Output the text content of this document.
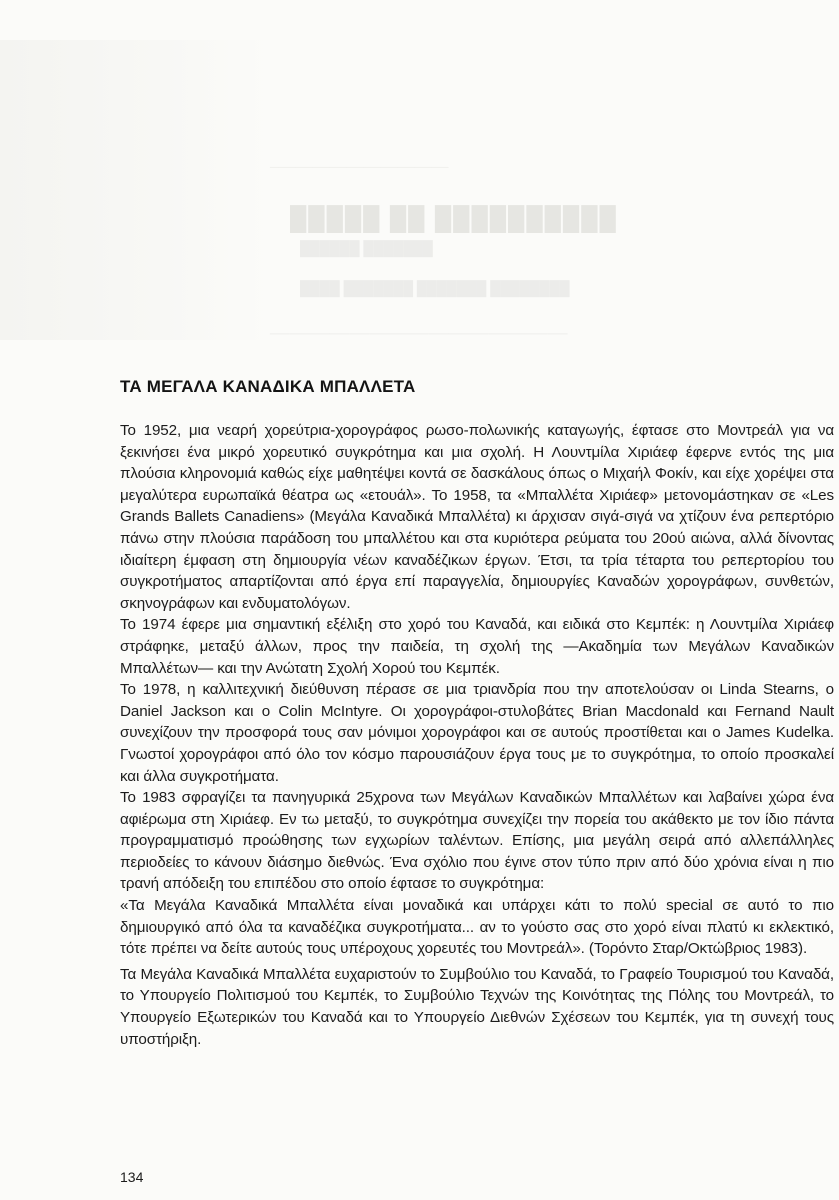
─────────────────────
█████ ██ ██████████
██████ ███████
████ ███████ ███████ ████████
──────────────────────────────
ΤΑ ΜΕΓΑΛΑ ΚΑΝΑΔΙΚΑ ΜΠΑΛΛΕΤΑ

Το 1952, μια νεαρή χορεύτρια-χορογράφος ρωσο-πολωνικής καταγωγής, έφτασε στο Μοντρεάλ για να ξεκινήσει ένα μικρό χορευτικό συγκρότημα και μια σχολή. Η Λουντμίλα Χιριάεφ έφερνε εντός της μια πλούσια κληρονομιά καθώς είχε μαθητέψει κοντά σε δασκάλους όπως ο Μιχαήλ Φοκίν, και είχε χορέψει στα μεγαλύτερα ευρωπαϊκά θέατρα ως «ετουάλ». Το 1958, τα «Μπαλλέτα Χιριάεφ» μετονομάστηκαν σε «Les Grands Ballets Canadiens» (Μεγάλα Καναδικά Μπαλλέτα) κι άρχισαν σιγά-σιγά να χτίζουν ένα ρεπερτόριο πάνω στην πλούσια παράδοση του μπαλλέτου και στα κυριότερα ρεύματα του 20ού αιώνα, αλλά δίνοντας ιδιαίτερη έμφαση στη δημιουργία νέων καναδέζικων έργων. Έτσι, τα τρία τέταρτα του ρεπερτορίου του συγκροτήματος απαρτίζονται από έργα επί παραγγελία, δημιουργίες Καναδών χορογράφων, συνθετών, σκηνογράφων και ενδυματολόγων.

Το 1974 έφερε μια σημαντική εξέλιξη στο χορό του Καναδά, και ειδικά στο Κεμπέκ: η Λουντμίλα Χιριάεφ στράφηκε, μεταξύ άλλων, προς την παιδεία, τη σχολή της —Ακαδημία των Μεγάλων Καναδικών Μπαλλέτων— και την Ανώτατη Σχολή Χορού του Κεμπέκ.

Το 1978, η καλλιτεχνική διεύθυνση πέρασε σε μια τριανδρία που την αποτελούσαν οι Linda Stearns, o Daniel Jackson και ο Colin McIntyre. Οι χορογράφοι-στυλοβάτες Brian Macdonald και Fernand Nault συνεχίζουν την προσφορά τους σαν μόνιμοι χορογράφοι και σε αυτούς προστίθεται και ο James Kudelka. Γνωστοί χορογράφοι από όλο τον κόσμο παρουσιάζουν έργα τους με το συγκρότημα, το οποίο προσκαλεί και άλλα συγκροτήματα.

Το 1983 σφραγίζει τα πανηγυρικά 25χρονα των Μεγάλων Καναδικών Μπαλλέτων και λαβαίνει χώρα ένα αφιέρωμα στη Χιριάεφ. Εν τω μεταξύ, το συγκρότημα συνεχίζει την πορεία του ακάθεκτο με τον ίδιο πάντα προγραμματισμό προώθησης των εγχωρίων ταλέντων. Επίσης, μια μεγάλη σειρά από αλλεπάλληλες περιοδείες το κάνουν διάσημο διεθνώς. Ένα σχόλιο που έγινε στον τύπο πριν από δύο χρόνια είναι η πιο τρανή απόδειξη του επιπέδου στο οποίο έφτασε το συγκρότημα:

«Τα Μεγάλα Καναδικά Μπαλλέτα είναι μοναδικά και υπάρχει κάτι το πολύ special σε αυτό το πιο δημιουργικό από όλα τα καναδέζικα συγκροτήματα... αν το γούστο σας στο χορό είναι πλατύ κι εκλεκτικό, τότε πρέπει να δείτε αυτούς τους υπέροχους χορευτές του Μοντρεάλ». (Τορόντο Σταρ/Οκτώβριος 1983).

Τα Μεγάλα Καναδικά Μπαλλέτα ευχαριστούν το Συμβούλιο του Καναδά, το Γραφείο Τουρισμού του Καναδά, το Υπουργείο Πολιτισμού του Κεμπέκ, το Συμβούλιο Τεχνών της Κοινότητας της Πόλης του Μοντρεάλ, το Υπουργείο Εξωτερικών του Καναδά και το Υπουργείο Διεθνών Σχέσεων του Κεμπέκ, για τη συνεχή τους υποστήριξη.

134
